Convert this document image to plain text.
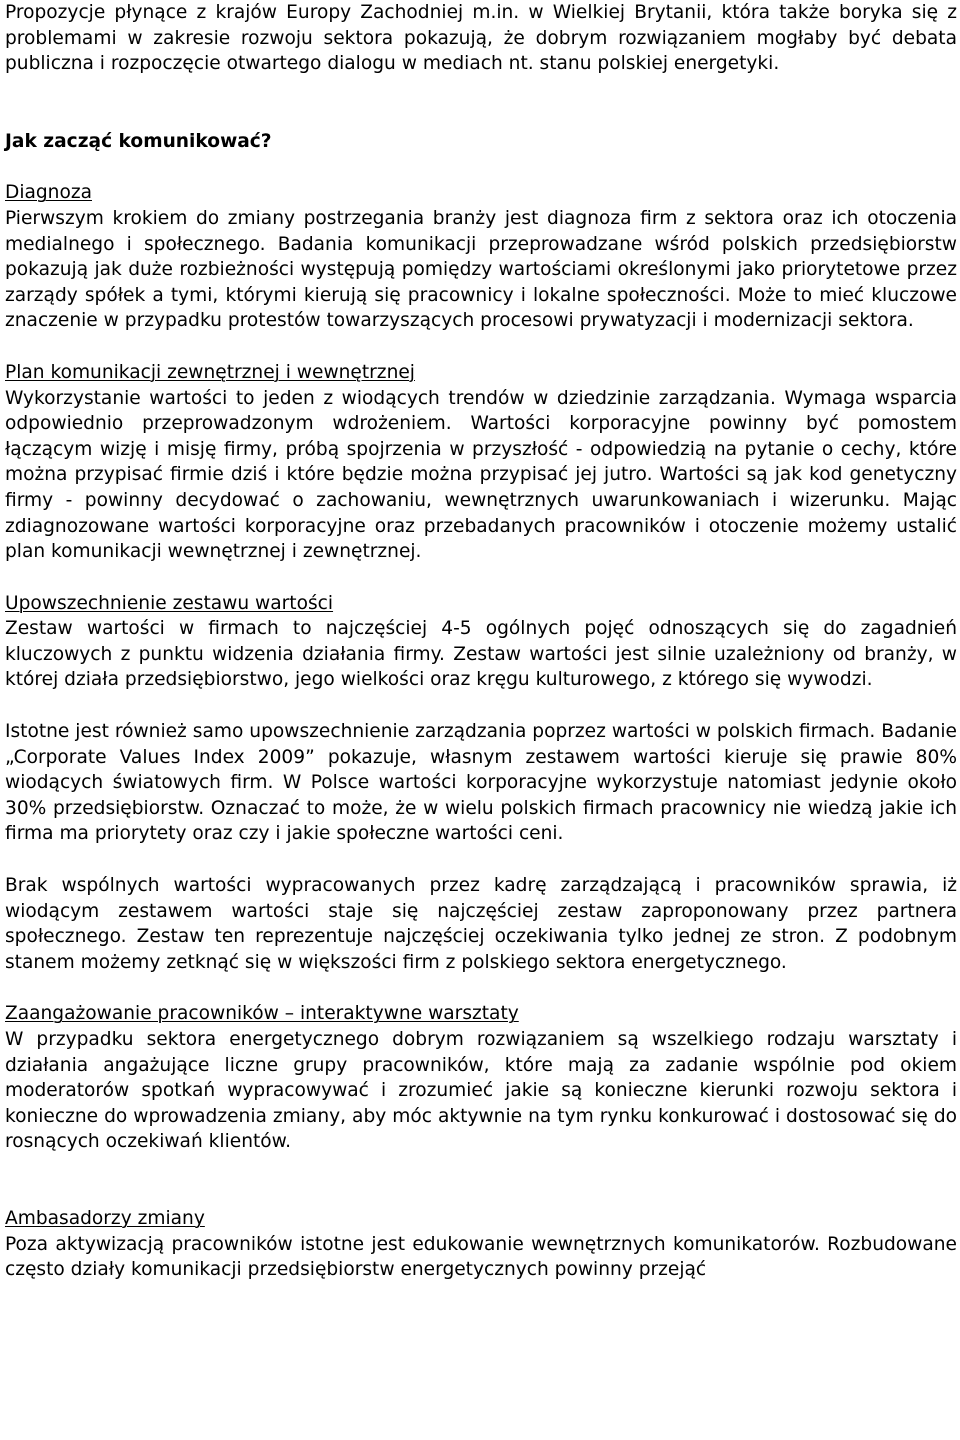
Propozycje płynące z krajów Europy Zachodniej m.in. w Wielkiej Brytanii, która także boryka się z problemami w zakresie rozwoju sektora pokazują, że dobrym rozwiązaniem mogłaby być debata publiczna i rozpoczęcie otwartego dialogu w mediach nt. stanu polskiej energetyki.

Jak zacząć komunikować?

Diagnoza

Pierwszym krokiem do zmiany postrzegania branży jest diagnoza firm z sektora oraz ich otoczenia medialnego i społecznego. Badania komunikacji przeprowadzane wśród polskich przedsiębiorstw pokazują jak duże rozbieżności występują pomiędzy wartościami określonymi jako priorytetowe przez zarządy spółek a tymi, którymi kierują się pracownicy i lokalne społeczności. Może to mieć kluczowe znaczenie w przypadku protestów towarzyszących procesowi prywatyzacji i modernizacji sektora.

Plan komunikacji zewnętrznej i wewnętrznej

Wykorzystanie wartości to jeden z wiodących trendów w dziedzinie zarządzania. Wymaga wsparcia odpowiednio przeprowadzonym wdrożeniem. Wartości korporacyjne powinny być pomostem łączącym wizję i misję firmy, próbą spojrzenia w przyszłość - odpowiedzią na pytanie o cechy, które można przypisać firmie dziś i które będzie można przypisać jej jutro. Wartości są jak kod genetyczny firmy - powinny decydować o zachowaniu, wewnętrznych uwarunkowaniach i wizerunku. Mając zdiagnozowane wartości korporacyjne oraz przebadanych pracowników i otoczenie możemy ustalić plan komunikacji wewnętrznej i zewnętrznej.

Upowszechnienie zestawu wartości

Zestaw wartości w firmach to najczęściej 4-5 ogólnych pojęć odnoszących się do zagadnień kluczowych z punktu widzenia działania firmy. Zestaw wartości jest silnie uzależniony od branży, w której działa przedsiębiorstwo, jego wielkości oraz kręgu kulturowego, z którego się wywodzi.

Istotne jest również samo upowszechnienie zarządzania poprzez wartości w polskich firmach. Badanie „Corporate Values Index 2009” pokazuje, własnym zestawem wartości kieruje się prawie 80% wiodących światowych firm. W Polsce wartości korporacyjne wykorzystuje natomiast jedynie około 30% przedsiębiorstw. Oznaczać to może, że w wielu polskich firmach pracownicy nie wiedzą jakie ich firma ma priorytety oraz czy i jakie społeczne wartości ceni.

Brak wspólnych wartości wypracowanych przez kadrę zarządzającą i pracowników sprawia, iż wiodącym zestawem wartości staje się najczęściej zestaw zaproponowany przez partnera społecznego. Zestaw ten reprezentuje najczęściej oczekiwania tylko jednej ze stron. Z podobnym stanem możemy zetknąć się w większości firm z polskiego sektora energetycznego.

Zaangażowanie pracowników – interaktywne warsztaty

W przypadku sektora energetycznego dobrym rozwiązaniem są wszelkiego rodzaju warsztaty i działania angażujące liczne grupy pracowników, które mają za zadanie wspólnie pod okiem moderatorów spotkań wypracowywać i zrozumieć jakie są konieczne kierunki rozwoju sektora i konieczne do wprowadzenia zmiany, aby móc aktywnie na tym rynku konkurować i dostosować się do rosnących oczekiwań klientów.

Ambasadorzy zmiany

Poza aktywizacją pracowników istotne jest edukowanie wewnętrznych komunikatorów. Rozbudowane często działy komunikacji przedsiębiorstw energetycznych powinny przejąć
